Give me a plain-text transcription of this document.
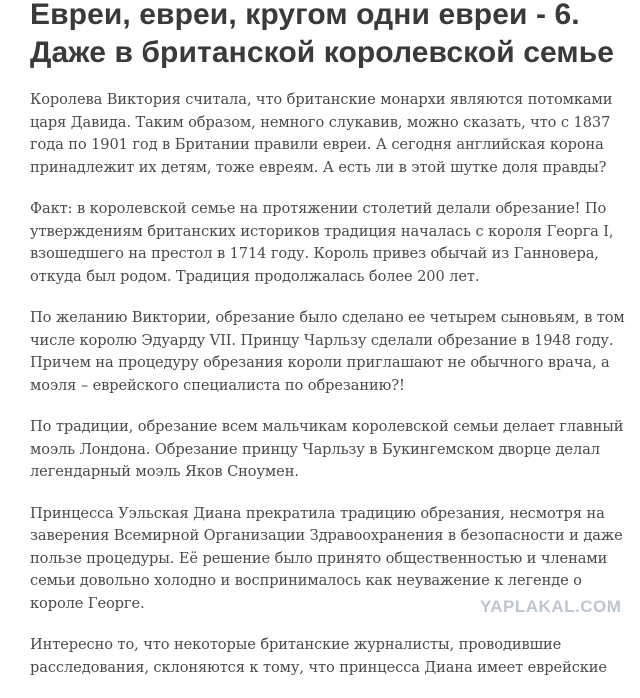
Евреи, евреи, кругом одни евреи - 6.
Даже в британской королевской семье

Королева Виктория считала, что британские монархи являются потомками
царя Давида. Таким образом, немного слукавив, можно сказать, что с 1837
года по 1901 год в Британии правили евреи. А сегодня английская корона
принадлежит их детям, тоже евреям. А есть ли в этой шутке доля правды?

Факт: в королевской семье на протяжении столетий делали обрезание! По
утверждениям британских историков традиция началась с короля Георга I,
взошедшего на престол в 1714 году. Король привез обычай из Ганновера,
откуда был родом. Традиция продолжалась более 200 лет.

По желанию Виктории, обрезание было сделано ее четырем сыновьям, в том
числе королю Эдуарду VII. Принцу Чарльзу сделали обрезание в 1948 году.
Причем на процедуру обрезания короли приглашают не обычного врача, а
моэля – еврейского специалиста по обрезанию?!

По традиции, обрезание всем мальчикам королевской семьи делает главный
моэль Лондона. Обрезание принцу Чарльзу в Букингемском дворце делал
легендарный моэль Яков Сноумен.

Принцесса Уэльская Диана прекратила традицию обрезания, несмотря на
заверения Всемирной Организации Здравоохранения в безопасности и даже
пользе процедуры. Её решение было принято общественностью и членами
семьи довольно холодно и воспринималось как неуважение к легенде о
короле Георге.

Интересно то, что некоторые британские журналисты, проводившие
расследования, склоняются к тому, что принцесса Диана имеет еврейские

YAPLAKAL.COM
